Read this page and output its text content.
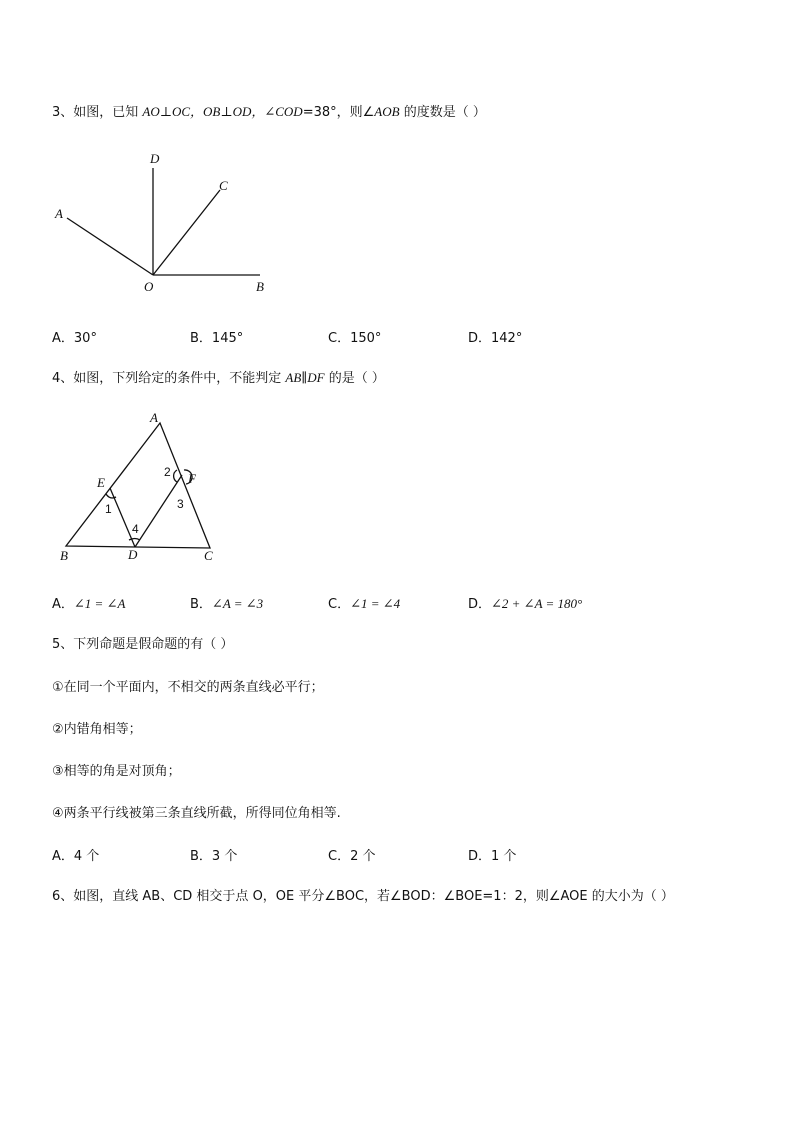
3、如图，已知 AO⊥OC，OB⊥OD，∠COD=38°，则∠AOB 的度数是（ ）
D
C
A
O	B
A．30°	B．145°	C．150°	D．142°
4、如图，下列给定的条件中，不能判定 AB∥DF 的是（ ）
A
E	F
B	D	C
1
2
3
4
A．∠1 = ∠A	B．∠A = ∠3	C．∠1 = ∠4	D．∠2 + ∠A = 180°
5、下列命题是假命题的有（ ）
①在同一个平面内，不相交的两条直线必平行；
②内错角相等；
③相等的角是对顶角；
④两条平行线被第三条直线所截，所得同位角相等.
A．4 个	B．3 个	C．2 个	D．1 个
6、如图，直线 AB、CD 相交于点 O，OE 平分∠BOC，若∠BOD：∠BOE=1：2，则∠AOE 的大小为（ ）
